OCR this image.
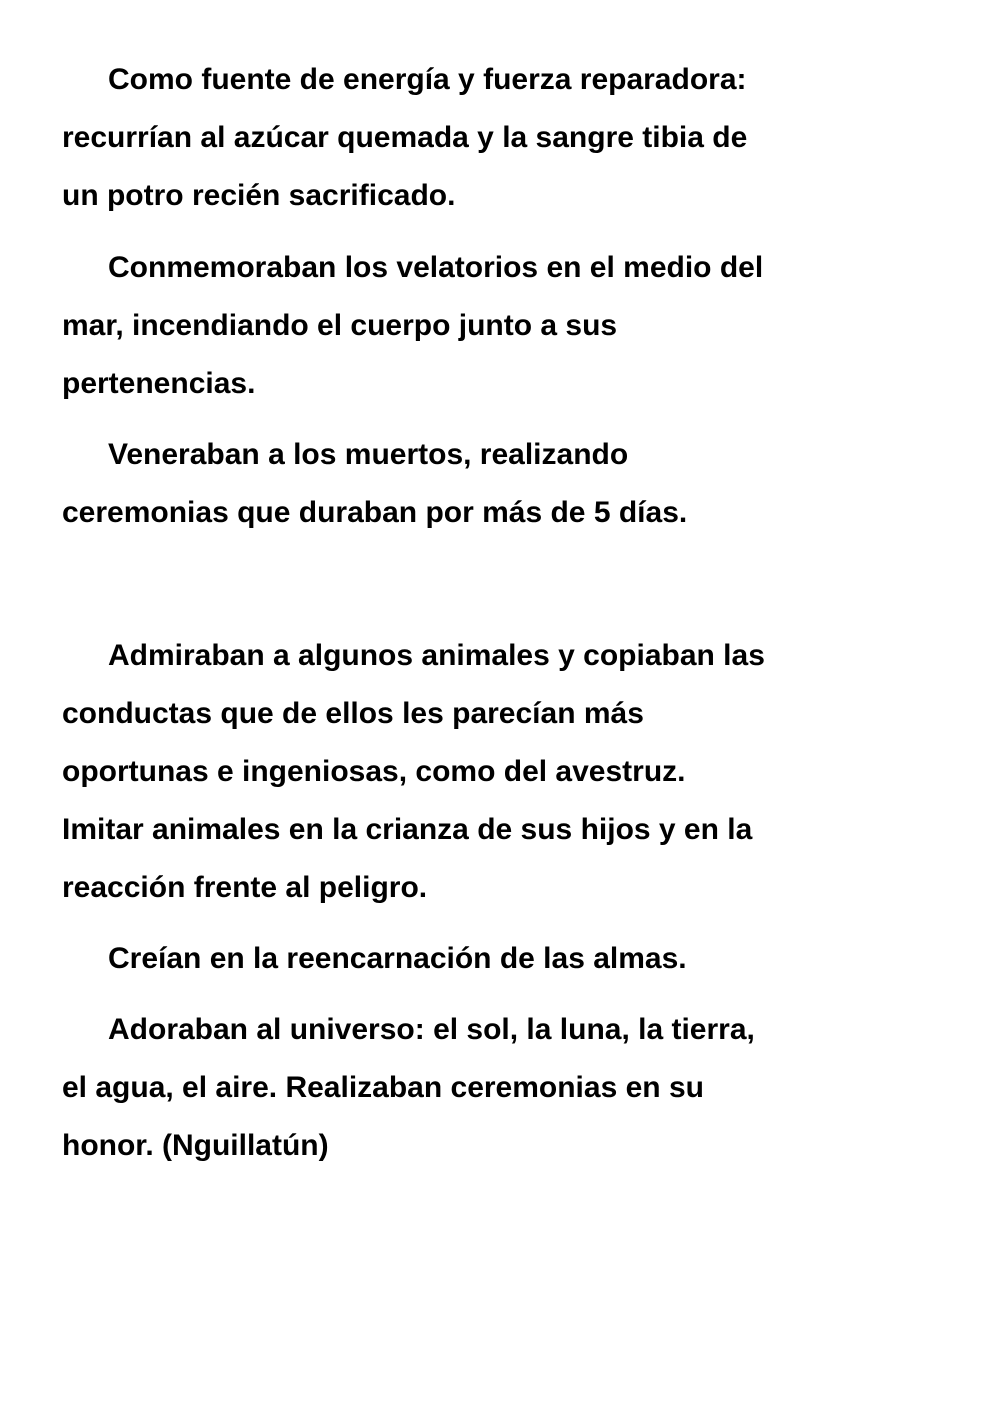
Como fuente de energía y fuerza reparadora:

recurrían al azúcar quemada y la sangre tibia de

un potro recién sacrificado.

Conmemoraban los velatorios en el medio del

mar, incendiando el cuerpo junto a sus

pertenencias.

Veneraban a los muertos, realizando

ceremonias que duraban por más de 5 días.

Admiraban a algunos animales y copiaban las

conductas que de ellos les parecían más

oportunas e ingeniosas, como del avestruz.

Imitar animales en la crianza de sus hijos y en la

reacción frente al peligro.

Creían en la reencarnación de las almas.

Adoraban al universo: el sol, la luna, la tierra,

el agua, el aire. Realizaban ceremonias en su

honor. (Nguillatún)
